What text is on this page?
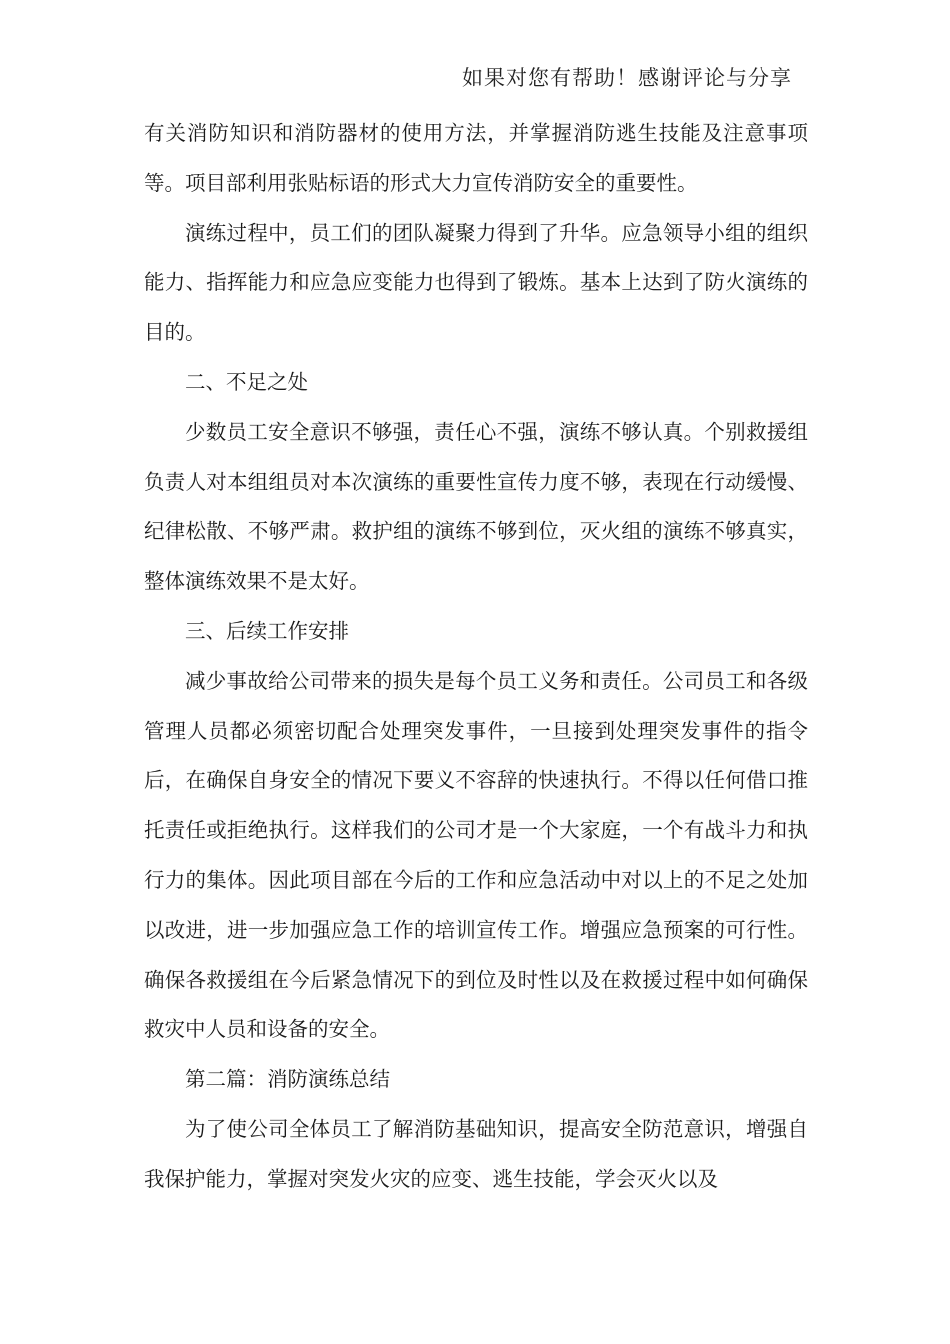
如果对您有帮助！感谢评论与分享

有关消防知识和消防器材的使用方法，并掌握消防逃生技能及注意事项等。项目部利用张贴标语的形式大力宣传消防安全的重要性。

演练过程中，员工们的团队凝聚力得到了升华。应急领导小组的组织能力、指挥能力和应急应变能力也得到了锻炼。基本上达到了防火演练的目的。

二、不足之处

少数员工安全意识不够强，责任心不强，演练不够认真。个别救援组负责人对本组组员对本次演练的重要性宣传力度不够，表现在行动缓慢、纪律松散、不够严肃。救护组的演练不够到位，灭火组的演练不够真实，整体演练效果不是太好。

三、后续工作安排

减少事故给公司带来的损失是每个员工义务和责任。公司员工和各级管理人员都必须密切配合处理突发事件，一旦接到处理突发事件的指令后，在确保自身安全的情况下要义不容辞的快速执行。不得以任何借口推托责任或拒绝执行。这样我们的公司才是一个大家庭，一个有战斗力和执行力的集体。因此项目部在今后的工作和应急活动中对以上的不足之处加以改进，进一步加强应急工作的培训宣传工作。增强应急预案的可行性。确保各救援组在今后紧急情况下的到位及时性以及在救援过程中如何确保救灾中人员和设备的安全。

第二篇：消防演练总结

为了使公司全体员工了解消防基础知识，提高安全防范意识，增强自我保护能力，掌握对突发火灾的应变、逃生技能，学会灭火以及
